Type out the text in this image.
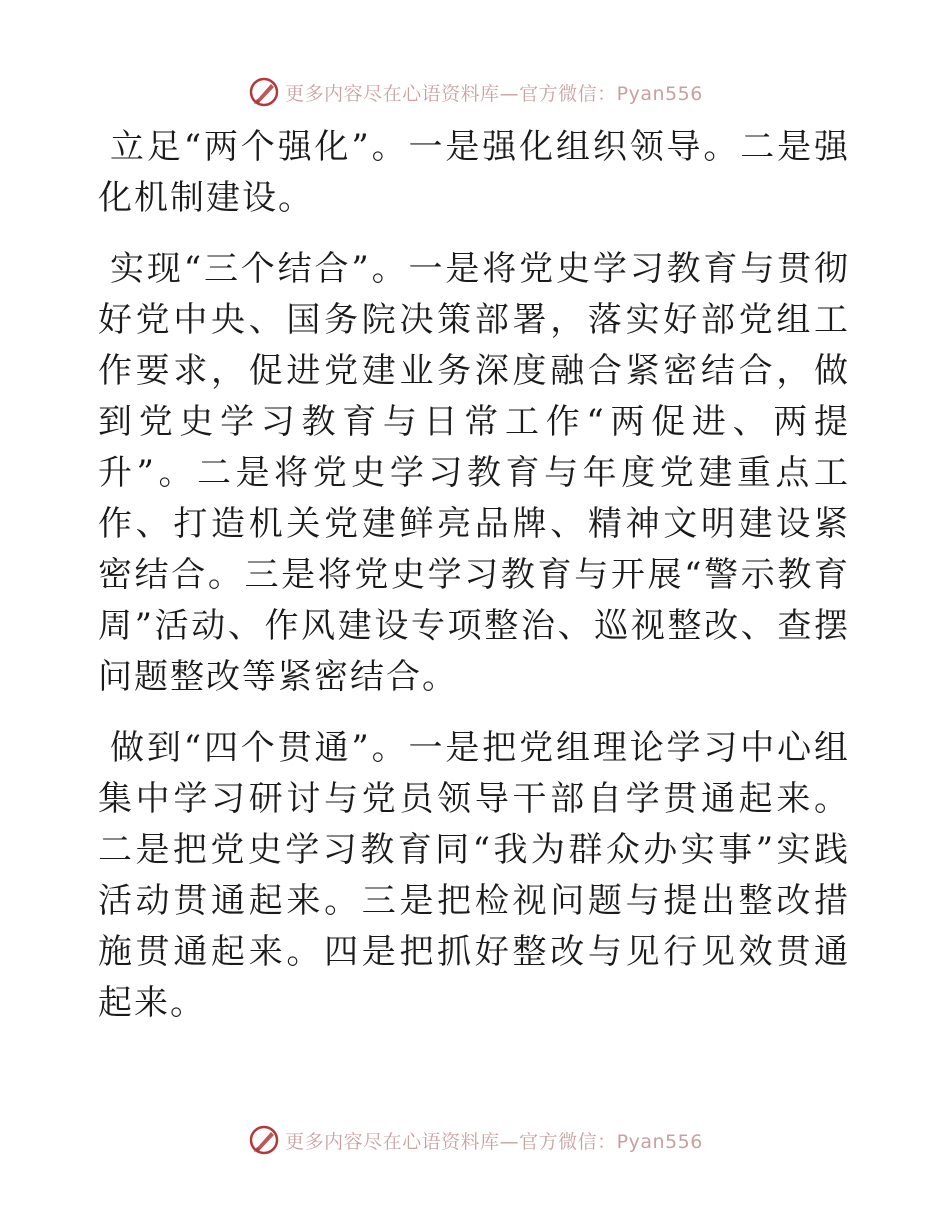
更多内容尽在心语资料库—官方微信：Pyan556

立足“两个强化”。一是强化组织领导。二是强化机制建设。

实现“三个结合”。一是将党史学习教育与贯彻好党中央、国务院决策部署，落实好部党组工作要求，促进党建业务深度融合紧密结合，做到党史学习教育与日常工作“两促进、两提升”。二是将党史学习教育与年度党建重点工作、打造机关党建鲜亮品牌、精神文明建设紧密结合。三是将党史学习教育与开展“警示教育周”活动、作风建设专项整治、巡视整改、查摆问题整改等紧密结合。

做到“四个贯通”。一是把党组理论学习中心组集中学习研讨与党员领导干部自学贯通起来。二是把党史学习教育同“我为群众办实事”实践活动贯通起来。三是把检视问题与提出整改措施贯通起来。四是把抓好整改与见行见效贯通起来。

更多内容尽在心语资料库—官方微信：Pyan556
